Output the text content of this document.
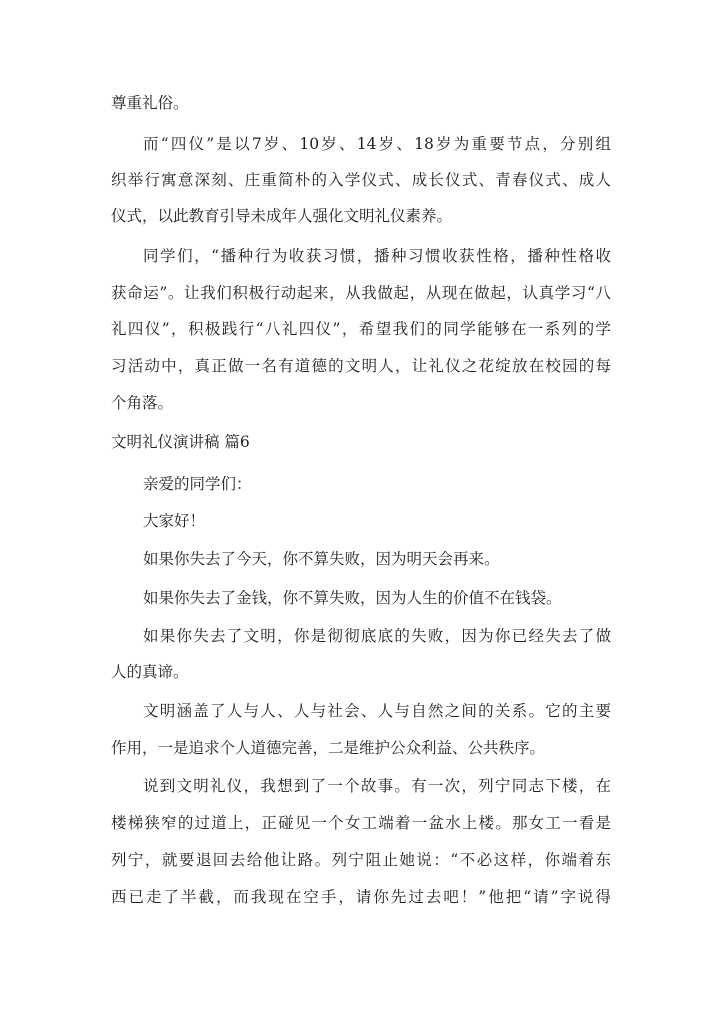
尊重礼俗。

而“四仪”是以7岁、10岁、14岁、18岁为重要节点，分别组

织举行寓意深刻、庄重简朴的入学仪式、成长仪式、青春仪式、成人

仪式，以此教育引导未成年人强化文明礼仪素养。

同学们，“播种行为收获习惯，播种习惯收获性格，播种性格收

获命运”。让我们积极行动起来，从我做起，从现在做起，认真学习“八

礼四仪”，积极践行“八礼四仪”，希望我们的同学能够在一系列的学

习活动中，真正做一名有道德的文明人，让礼仪之花绽放在校园的每

个角落。

文明礼仪演讲稿 篇6

亲爱的同学们：

大家好！

如果你失去了今天，你不算失败，因为明天会再来。

如果你失去了金钱，你不算失败，因为人生的价值不在钱袋。

如果你失去了文明，你是彻彻底底的失败，因为你已经失去了做

人的真谛。

文明涵盖了人与人、人与社会、人与自然之间的关系。它的主要

作用，一是追求个人道德完善，二是维护公众利益、公共秩序。

说到文明礼仪，我想到了一个故事。有一次，列宁同志下楼，在

楼梯狭窄的过道上，正碰见一个女工端着一盆水上楼。那女工一看是

列宁，就要退回去给他让路。列宁阻止她说：“不必这样，你端着东

西已走了半截，而我现在空手，请你先过去吧！”他把“请”字说得
